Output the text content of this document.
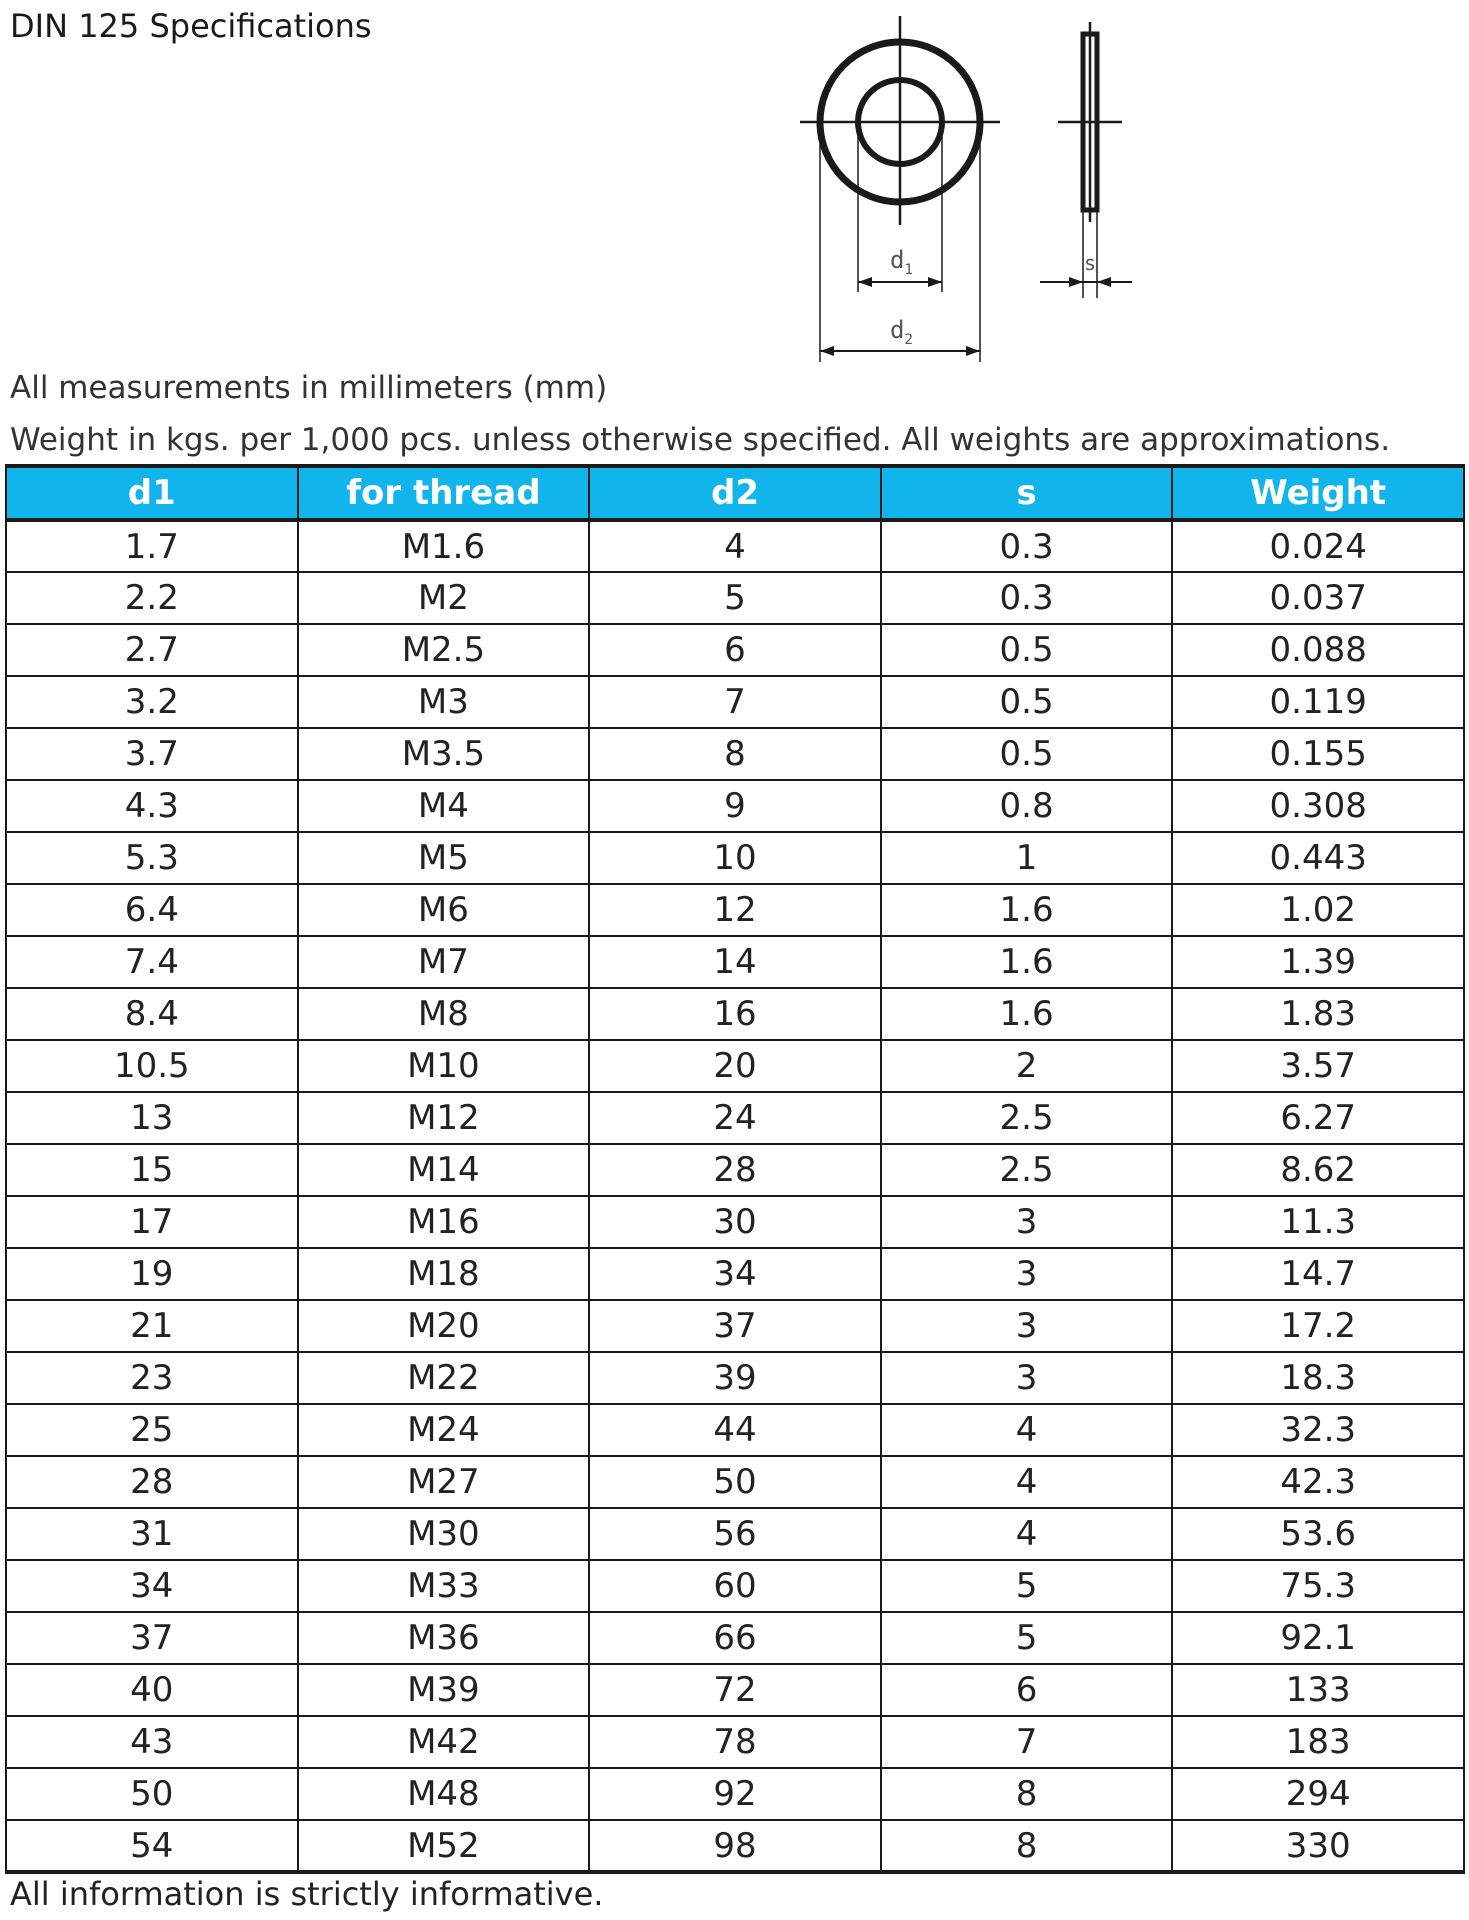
DIN 125 Specifications
$d_1$
$d_2$
s
All measurements in millimeters (mm)
Weight in kgs. per 1,000 pcs. unless otherwise specified. All weights are approximations.
d1	for thread	d2	s	Weight
1.7	M1.6	4	0.3	0.024
2.2	M2	5	0.3	0.037
2.7	M2.5	6	0.5	0.088
3.2	M3	7	0.5	0.119
3.7	M3.5	8	0.5	0.155
4.3	M4	9	0.8	0.308
5.3	M5	10	1	0.443
6.4	M6	12	1.6	1.02
7.4	M7	14	1.6	1.39
8.4	M8	16	1.6	1.83
10.5	M10	20	2	3.57
13	M12	24	2.5	6.27
15	M14	28	2.5	8.62
17	M16	30	3	11.3
19	M18	34	3	14.7
21	M20	37	3	17.2
23	M22	39	3	18.3
25	M24	44	4	32.3
28	M27	50	4	42.3
31	M30	56	4	53.6
34	M33	60	5	75.3
37	M36	66	5	92.1
40	M39	72	6	133
43	M42	78	7	183
50	M48	92	8	294
54	M52	98	8	330
All information is strictly informative.
